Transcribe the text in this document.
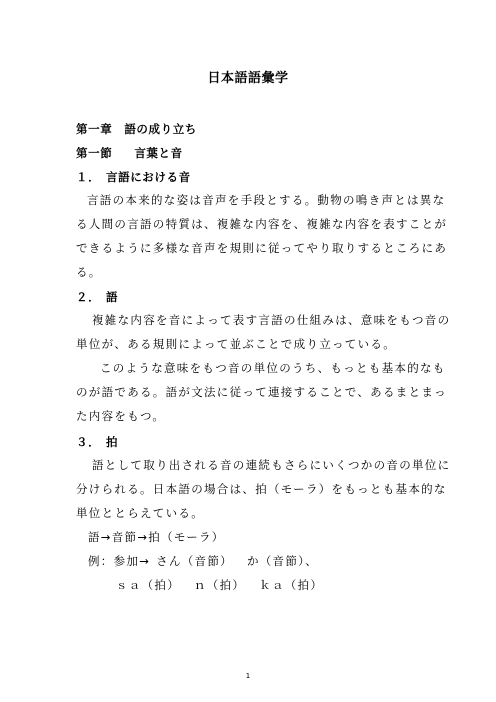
日本語語彙学
第一章 語の成り立ち
第一節 言葉と音
１． 言語における音
言語の本来的な姿は音声を手段とする。動物の鳴き声とは異な
る人間の言語の特質は、複雑な内容を、複雑な内容を表すことが
できるように多様な音声を規則に従ってやり取りするところにあ
る。
２． 語
複雑な内容を音によって表す言語の仕組みは、意味をもつ音の
単位が、ある規則によって並ぶことで成り立っている。
このような意味をもつ音の単位のうち、もっとも基本的なも
のが語である。語が文法に従って連接することで、あるまとまっ
た内容をもつ。
３． 拍
語として取り出される音の連続もさらにいくつかの音の単位に
分けられる。日本語の場合は、拍（モーラ）をもっとも基本的な
単位ととらえている。
語→音節→拍（モーラ）
例：参加→ さん（音節） か（音節）、
ｓａ（拍） ｎ（拍） ｋａ（拍）
1
